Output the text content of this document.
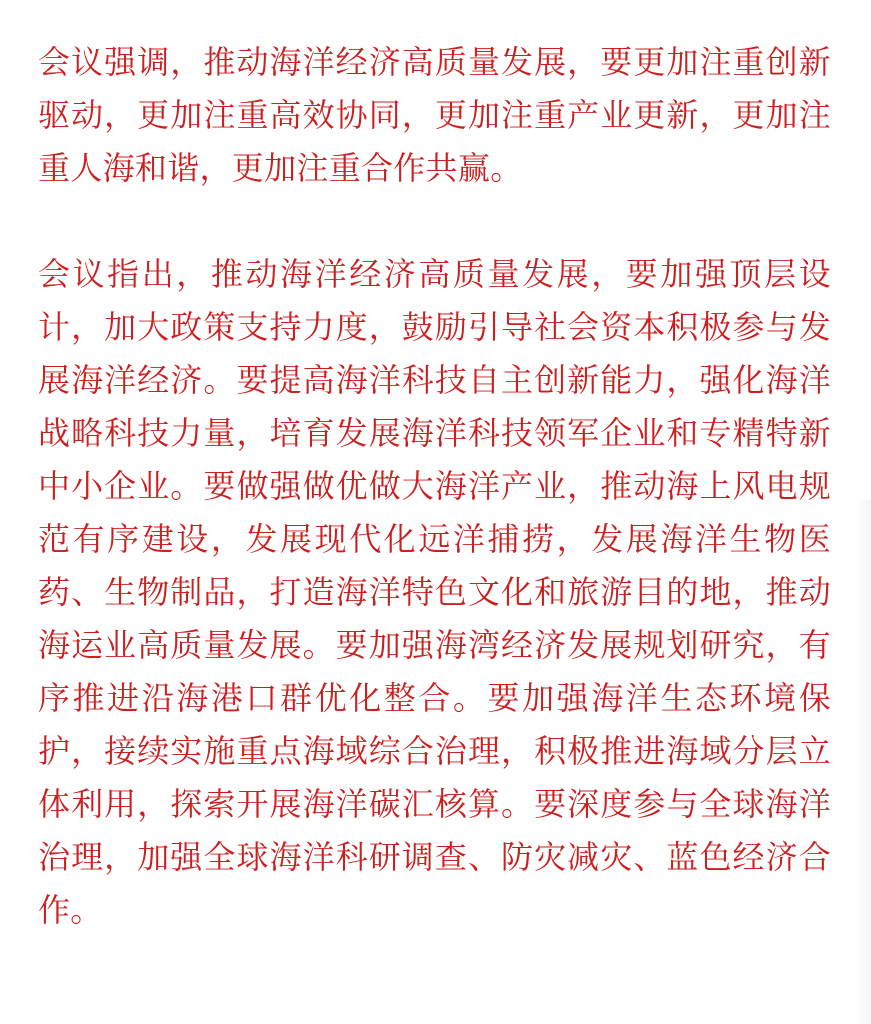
会议强调，推动海洋经济高质量发展，要更加注重创新驱动，更加注重高效协同，更加注重产业更新，更加注重人海和谐，更加注重合作共赢。

会议指出，推动海洋经济高质量发展，要加强顶层设计，加大政策支持力度，鼓励引导社会资本积极参与发展海洋经济。要提高海洋科技自主创新能力，强化海洋战略科技力量，培育发展海洋科技领军企业和专精特新中小企业。要做强做优做大海洋产业，推动海上风电规范有序建设，发展现代化远洋捕捞，发展海洋生物医药、生物制品，打造海洋特色文化和旅游目的地，推动海运业高质量发展。要加强海湾经济发展规划研究，有序推进沿海港口群优化整合。要加强海洋生态环境保护，接续实施重点海域综合治理，积极推进海域分层立体利用，探索开展海洋碳汇核算。要深度参与全球海洋治理，加强全球海洋科研调查、防灾减灾、蓝色经济合作。
